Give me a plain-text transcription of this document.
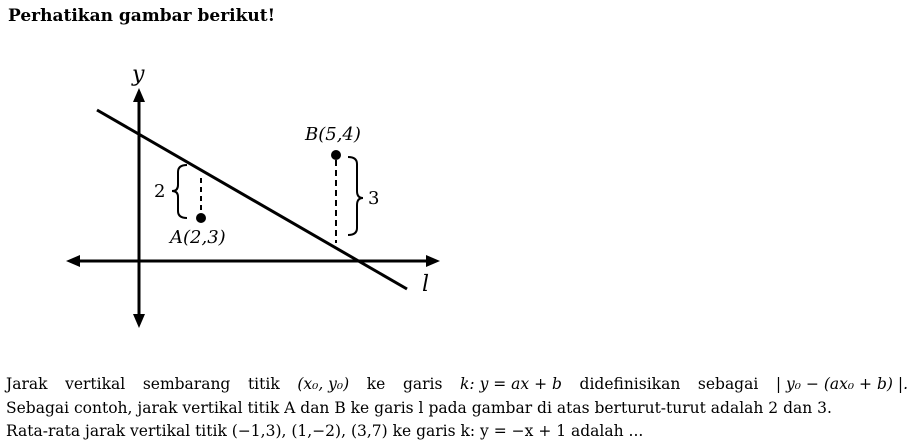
Perhatikan gambar berikut!
y
l
B(5,4)
A(2,3)
2	3
Jarak vertikal sembarang titik (x₀, y₀) ke garis k: y = ax + b didefinisikan sebagai | y₀ − (ax₀ + b) |.
Sebagai contoh, jarak vertikal titik A dan B ke garis l pada gambar di atas berturut-turut adalah 2 dan 3.
Rata-rata jarak vertikal titik (−1,3), (1,−2), (3,7) ke garis k: y = −x + 1 adalah ...
